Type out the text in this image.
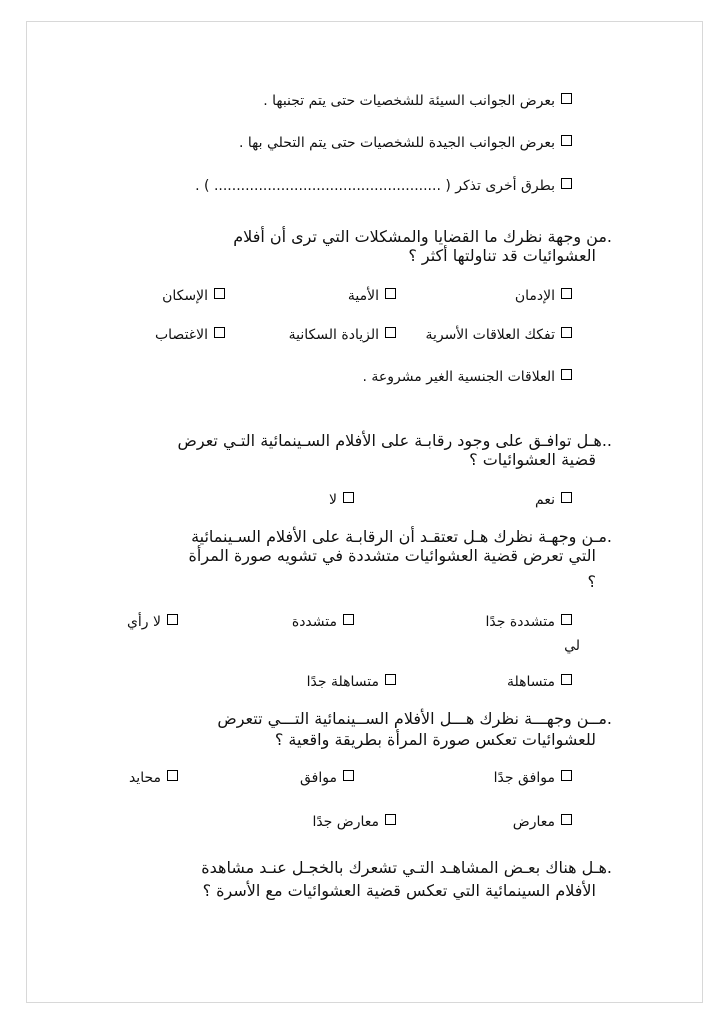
بعرض الجوانب السيئة للشخصيات حتى يتم تجنبها .
بعرض الجوانب الجيدة للشخصيات حتى يتم التحلي بها .
بطرق أخرى تذكر ( ................................................... ) .
.من وجهة نظرك ما القضايا والمشكلات التي ترى أن أفلام
العشوائيات قد تناولتها أكثر ؟
الإدمان
الأمية
الإسكان
تفكك العلاقات الأسرية
الزيادة السكانية
الاغتصاب
العلاقات الجنسية الغير مشروعة .
..هـل توافـق على وجود رقابـة على الأفلام السـينمائية التـي تعرض
قضية العشوائيات ؟
نعم
لا
.مـن وجهـة نظرك هـل تعتقـد أن الرقابـة على الأفلام السـينمائية
التي تعرض قضية العشوائيات متشددة في تشويه صورة المرأة
؟
متشددة جدًا
متشددة
لا رأي
لي
متساهلة
متساهلة جدًا
.مــن وجهـــة نظرك هـــل الأفلام الســينمائية التـــي تتعرض
للعشوائيات تعكس صورة المرأة بطريقة واقعية ؟
موافق جدًا
موافق
محايد
معارض
معارض جدًا
.هـل هناك بعـض المشاهـد التـي تشعرك بالخجـل عنـد مشاهدة
الأفلام السينمائية التي تعكس قضية العشوائيات مع الأسرة ؟
